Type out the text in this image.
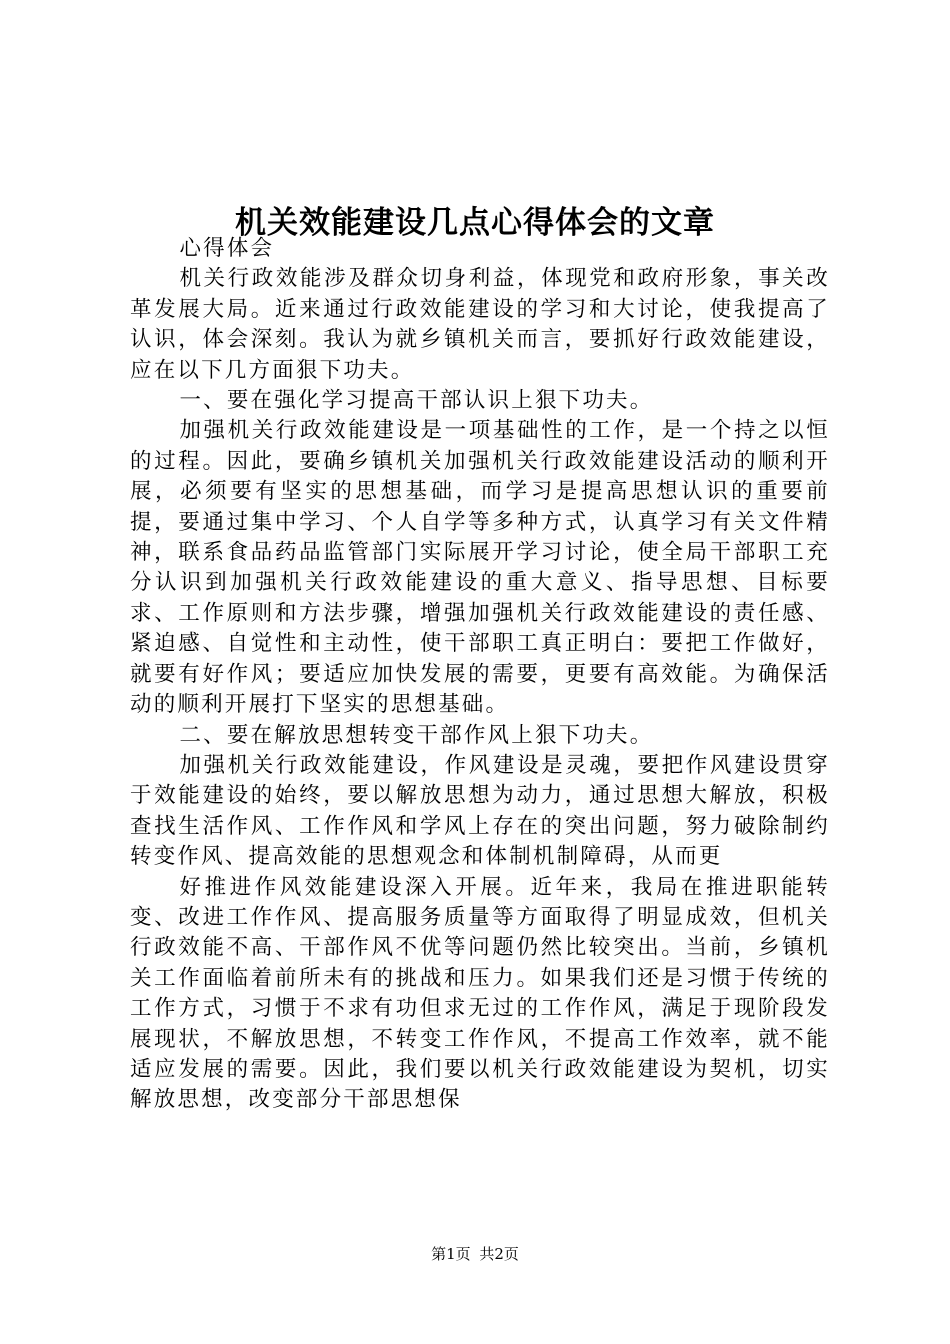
机关效能建设几点心得体会的文章

心得体会

机关行政效能涉及群众切身利益，体现党和政府形象，事关改革发展大局。近来通过行政效能建设的学习和大讨论，使我提高了认识，体会深刻。我认为就乡镇机关而言，要抓好行政效能建设，应在以下几方面狠下功夫。

一、要在强化学习提高干部认识上狠下功夫。

加强机关行政效能建设是一项基础性的工作，是一个持之以恒的过程。因此，要确乡镇机关加强机关行政效能建设活动的顺利开展，必须要有坚实的思想基础，而学习是提高思想认识的重要前提，要通过集中学习、个人自学等多种方式，认真学习有关文件精神，联系食品药品监管部门实际展开学习讨论，使全局干部职工充分认识到加强机关行政效能建设的重大意义、指导思想、目标要求、工作原则和方法步骤，增强加强机关行政效能建设的责任感、紧迫感、自觉性和主动性，使干部职工真正明白：要把工作做好，就要有好作风；要适应加快发展的需要，更要有高效能。为确保活动的顺利开展打下坚实的思想基础。

二、要在解放思想转变干部作风上狠下功夫。

加强机关行政效能建设，作风建设是灵魂，要把作风建设贯穿于效能建设的始终，要以解放思想为动力，通过思想大解放，积极查找生活作风、工作作风和学风上存在的突出问题，努力破除制约转变作风、提高效能的思想观念和体制机制障碍，从而更

好推进作风效能建设深入开展。近年来，我局在推进职能转变、改进工作作风、提高服务质量等方面取得了明显成效，但机关行政效能不高、干部作风不优等问题仍然比较突出。当前，乡镇机关工作面临着前所未有的挑战和压力。如果我们还是习惯于传统的工作方式，习惯于不求有功但求无过的工作作风，满足于现阶段发展现状，不解放思想，不转变工作作风，不提高工作效率，就不能适应发展的需要。因此，我们要以机关行政效能建设为契机，切实解放思想，改变部分干部思想保

第1页 共2页
